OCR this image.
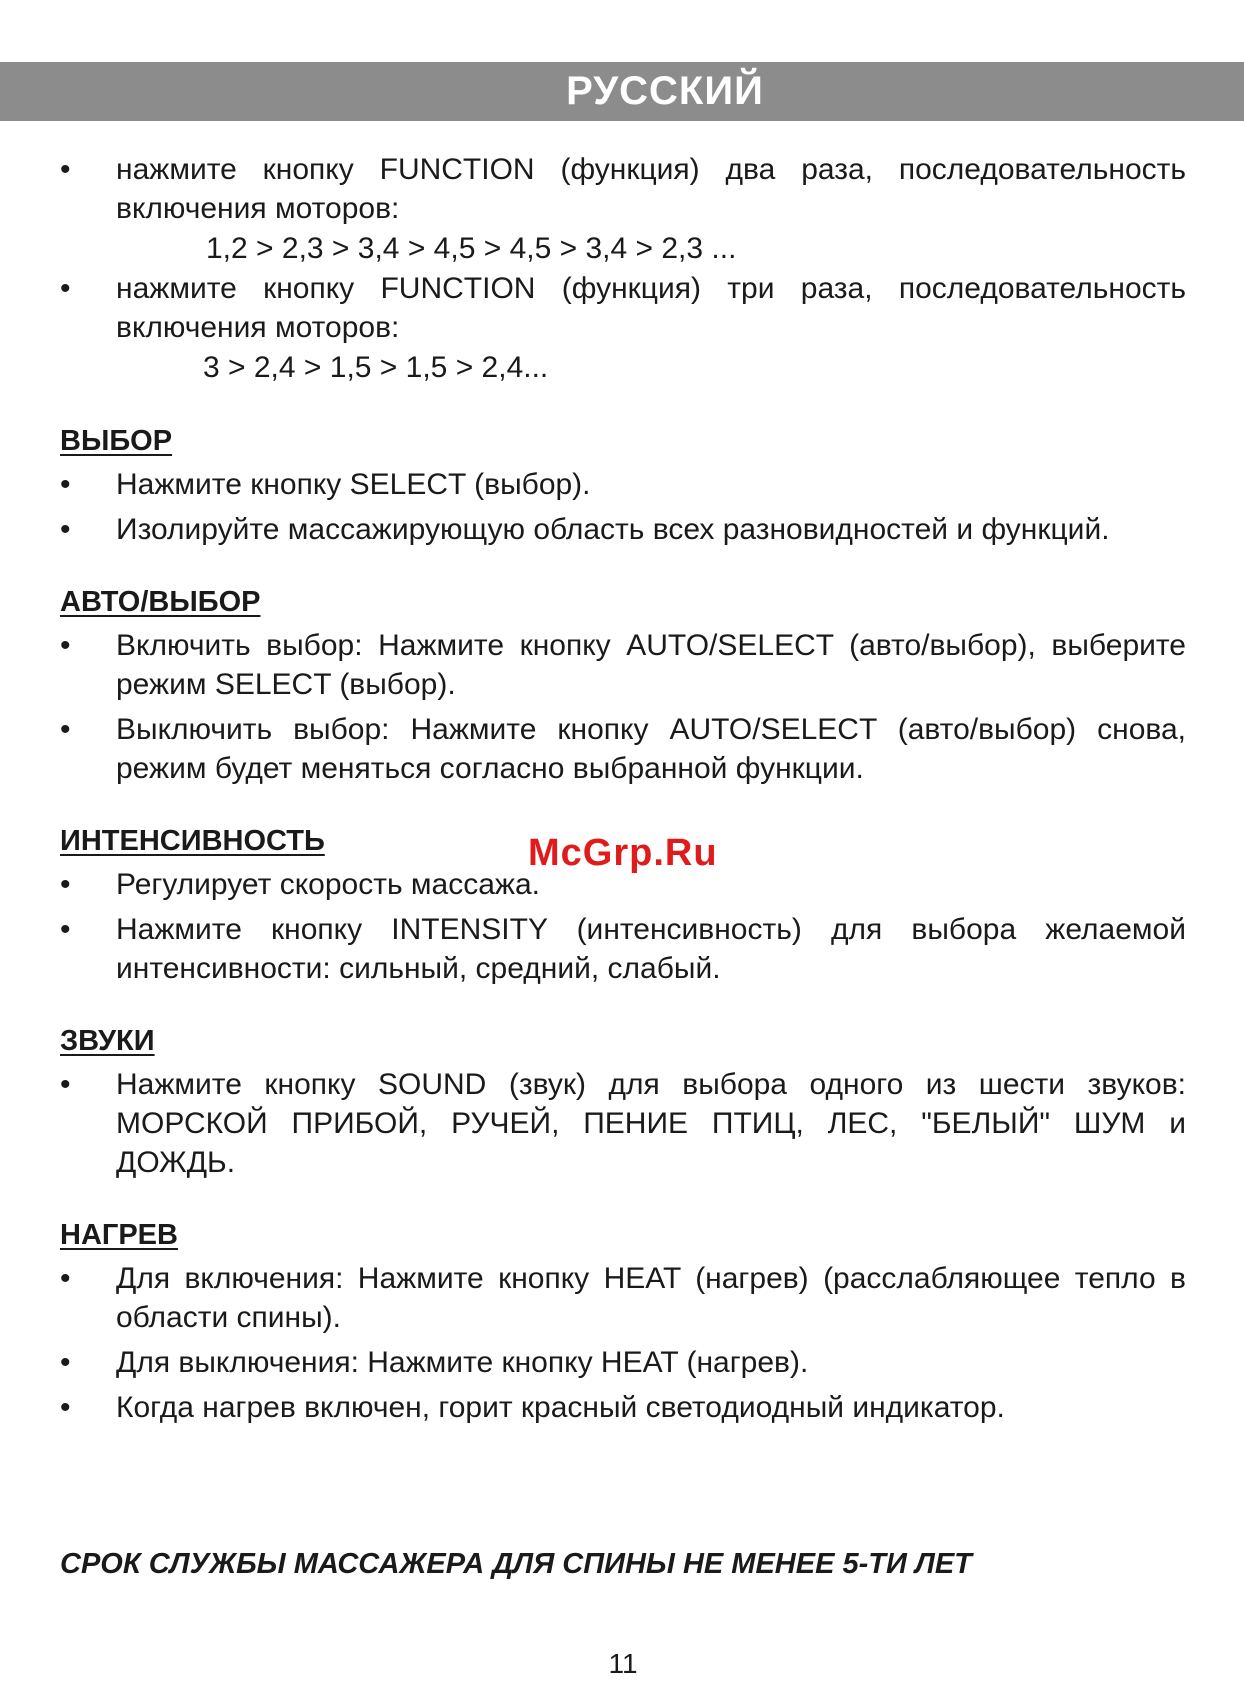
РУССКИЙ
•	нажмите кнопку FUNCTION (функция) два раза, последовательность включения моторов:
1,2 > 2,3 > 3,4 > 4,5 > 4,5 > 3,4 > 2,3 ...
•	нажмите кнопку FUNCTION (функция) три раза, последовательность включения моторов:
3 > 2,4 > 1,5 > 1,5 > 2,4...
ВЫБОР
•	Нажмите кнопку SELECT (выбор).
•	Изолируйте массажирующую область всех разновидностей и функций.
АВТО/ВЫБОР
•	Включить выбор: Нажмите кнопку AUTO/SELECT (авто/выбор), выберите режим SELECT (выбор).
•	Выключить выбор: Нажмите кнопку AUTO/SELECT (авто/выбор) снова, режим будет меняться согласно выбранной функции.
ИНТЕНСИВНОСТЬ
•	Регулирует скорость массажа.
•	Нажмите кнопку INTENSITY (интенсивность) для выбора желаемой интенсивности: сильный, средний, слабый.
ЗВУКИ
•	Нажмите кнопку SOUND (звук) для выбора одного из шести звуков: МОРСКОЙ ПРИБОЙ, РУЧЕЙ, ПЕНИЕ ПТИЦ, ЛЕС, "БЕЛЫЙ" ШУМ и ДОЖДЬ.
НАГРЕВ
•	Для включения: Нажмите кнопку HEAT (нагрев) (расслабляющее тепло в области спины).
•	Для выключения: Нажмите кнопку HEAT (нагрев).
•	Когда нагрев включен, горит красный светодиодный индикатор.
McGrp.Ru
СРОК СЛУЖБЫ МАССАЖЕРА ДЛЯ СПИНЫ НЕ МЕНЕЕ 5-ТИ ЛЕТ
11
